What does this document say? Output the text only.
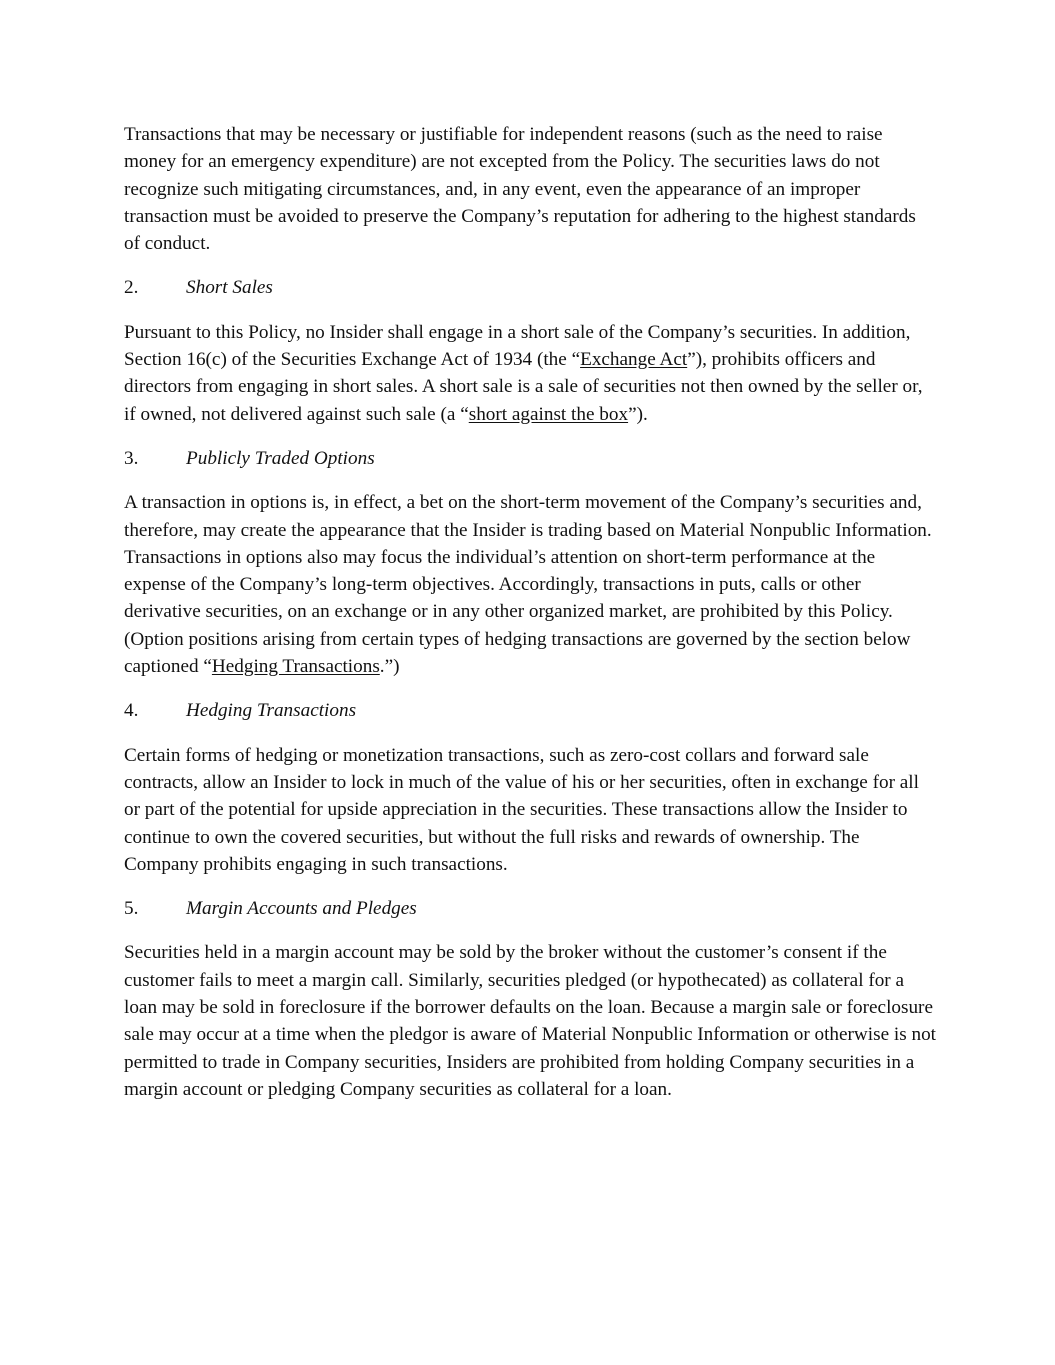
Transactions that may be necessary or justifiable for independent reasons (such as the need to raise money for an emergency expenditure) are not excepted from the Policy. The securities laws do not recognize such mitigating circumstances, and, in any event, even the appearance of an improper transaction must be avoided to preserve the Company’s reputation for adhering to the highest standards of conduct.

2.	Short Sales

Pursuant to this Policy, no Insider shall engage in a short sale of the Company’s securities. In addition, Section 16(c) of the Securities Exchange Act of 1934 (the “Exchange Act”), prohibits officers and directors from engaging in short sales. A short sale is a sale of securities not then owned by the seller or, if owned, not delivered against such sale (a “short against the box”).

3.	Publicly Traded Options

A transaction in options is, in effect, a bet on the short-term movement of the Company’s securities and, therefore, may create the appearance that the Insider is trading based on Material Nonpublic Information. Transactions in options also may focus the individual’s attention on short-term performance at the expense of the Company’s long-term objectives. Accordingly, transactions in puts, calls or other derivative securities, on an exchange or in any other organized market, are prohibited by this Policy. (Option positions arising from certain types of hedging transactions are governed by the section below captioned “Hedging Transactions.”)

4.	Hedging Transactions

Certain forms of hedging or monetization transactions, such as zero-cost collars and forward sale contracts, allow an Insider to lock in much of the value of his or her securities, often in exchange for all or part of the potential for upside appreciation in the securities. These transactions allow the Insider to continue to own the covered securities, but without the full risks and rewards of ownership. The Company prohibits engaging in such transactions.

5.	Margin Accounts and Pledges

Securities held in a margin account may be sold by the broker without the customer’s consent if the customer fails to meet a margin call. Similarly, securities pledged (or hypothecated) as collateral for a loan may be sold in foreclosure if the borrower defaults on the loan. Because a margin sale or foreclosure sale may occur at a time when the pledgor is aware of Material Nonpublic Information or otherwise is not permitted to trade in Company securities, Insiders are prohibited from holding Company securities in a margin account or pledging Company securities as collateral for a loan.
